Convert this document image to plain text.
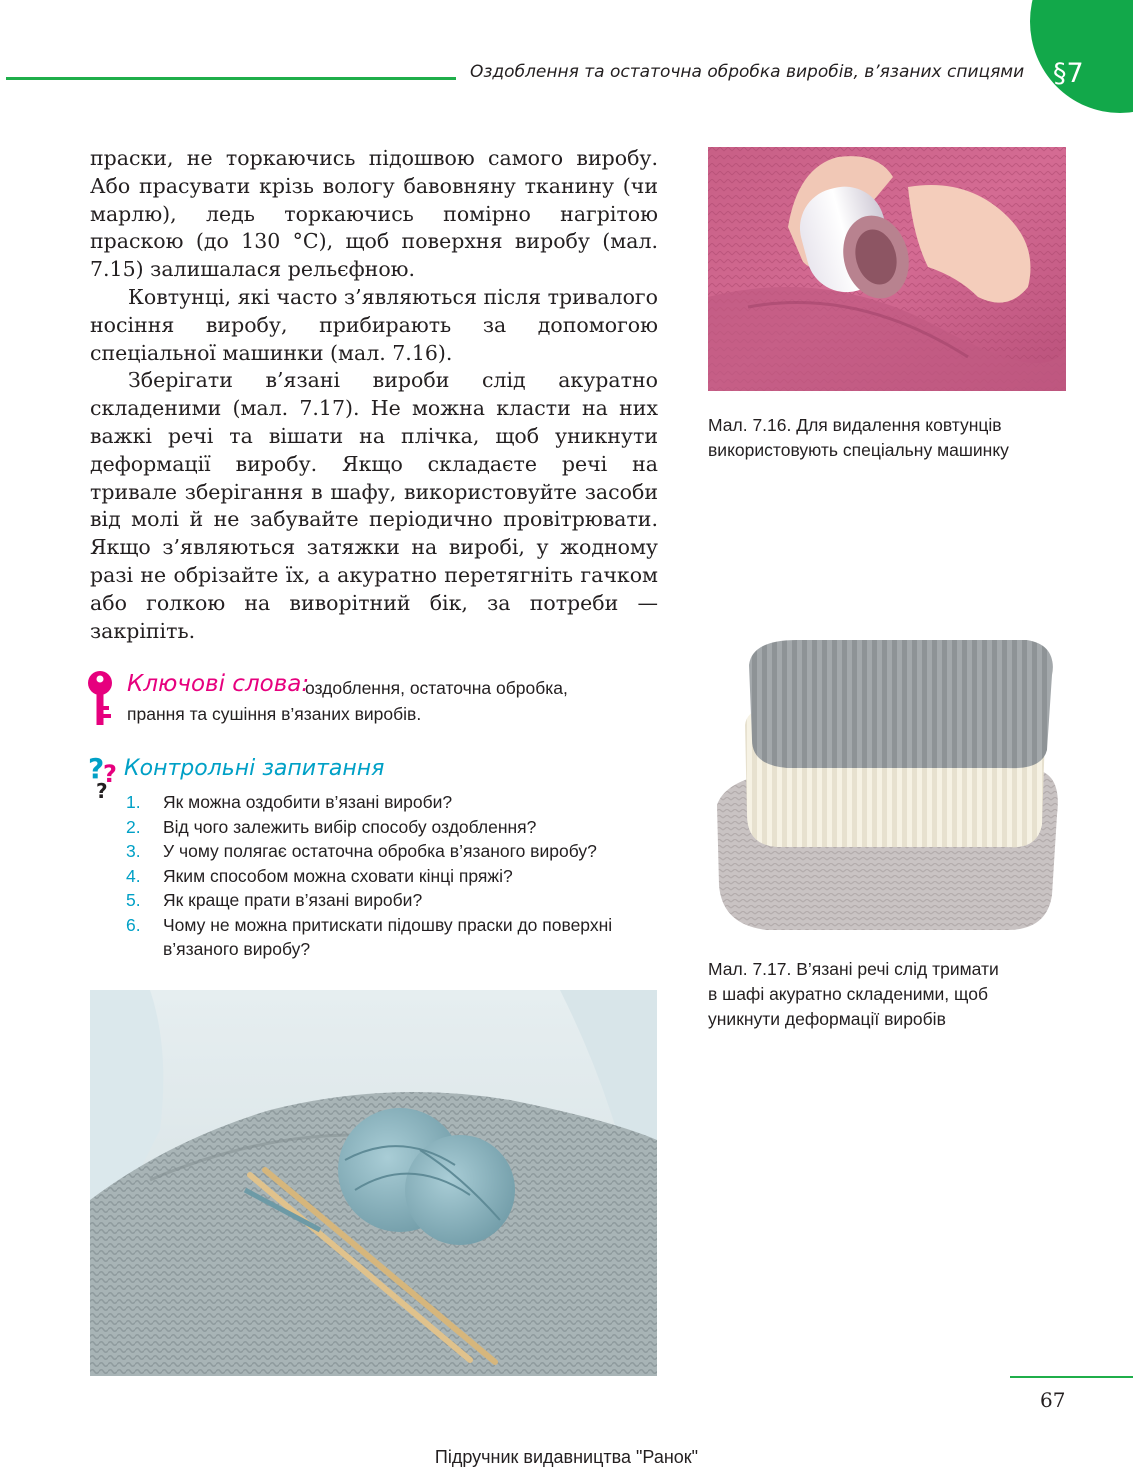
Оздоблення та остаточна обробка виробів, в’язаних спицями §7

праски, не торкаючись підошвою самого виробу. Або прасувати крізь вологу бавовняну тканину (чи марлю), ледь торкаючись помірно нагрітою праскою (до 130 °С), щоб поверхня виробу (мал. 7.15) залишалася рельєфною.

Ковтунці, які часто з’являються після тривалого носіння виробу, прибирають за допомогою спеціальної машинки (мал. 7.16).

Зберігати в’язані вироби слід акуратно складеними (мал. 7.17). Не можна класти на них важкі речі та вішати на плічка, щоб уникнути деформації виробу. Якщо складаєте речі на тривале зберігання в шафу, використовуйте засоби від молі й не забувайте періодично провітрювати. Якщо з’являються затяжки на виробі, у жодному разі не обрізайте їх, а акуратно перетягніть гачком або голкою на виворітний бік, за потреби — закріпіть.

Ключові слова:
оздоблення, остаточна обробка,
прання та сушіння в’язаних виробів.
?
?
?
Контрольні запитання
1. Як можна оздобити в’язані вироби?
2. Від чого залежить вибір способу оздоблення?
3. У чому полягає остаточна обробка в’язаного виробу?
4. Яким способом можна сховати кінці пряжі?
5. Як краще прати в’язані вироби?
6. Чому не можна притискати підошву праски до поверхні в’язаного виробу?
Мал. 7.16. Для видалення ковтунців
використовують спеціальну машинку
Мал. 7.17. В’язані речі слід тримати
в шафі акуратно складеними, щоб
уникнути деформації виробів
67
Підручник видавництва "Ранок"
